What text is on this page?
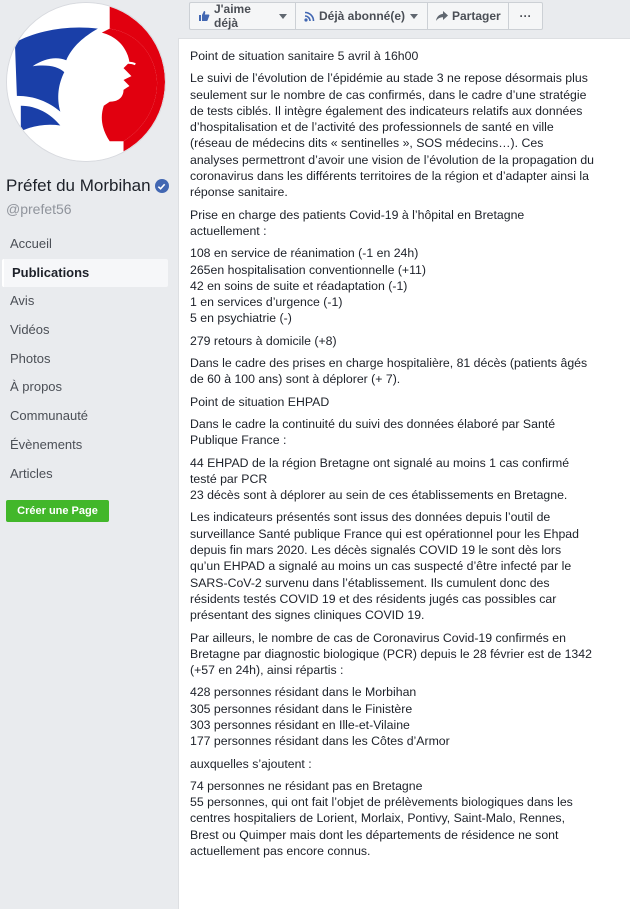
Préfet du Morbihan
@prefet56
Accueil
Publications
Avis
Vidéos
Photos
À propos
Communauté
Évènements
Articles
Créer une Page
J'aime déjà	Déjà abonné(e)	Partager ···

Point de situation sanitaire 5 avril à 16h00

Le suivi de l’évolution de l’épidémie au stade 3 ne repose désormais plus
seulement sur le nombre de cas confirmés, dans le cadre d’une stratégie
de tests ciblés. Il intègre également des indicateurs relatifs aux données
d’hospitalisation et de l’activité des professionnels de santé en ville
(réseau de médecins dits « sentinelles », SOS médecins…). Ces
analyses permettront d’avoir une vision de l’évolution de la propagation du
coronavirus dans les différents territoires de la région et d’adapter ainsi la
réponse sanitaire.

Prise en charge des patients Covid-19 à l’hôpital en Bretagne
actuellement :

108 en service de réanimation (-1 en 24h)
265en hospitalisation conventionnelle (+11)
42 en soins de suite et réadaptation (-1)
1 en services d’urgence (-1)
5 en psychiatrie (-)

279 retours à domicile (+8)

Dans le cadre des prises en charge hospitalière, 81 décès (patients âgés
de 60 à 100 ans) sont à déplorer (+ 7).

Point de situation EHPAD

Dans le cadre la continuité du suivi des données élaboré par Santé
Publique France :

44 EHPAD de la région Bretagne ont signalé au moins 1 cas confirmé
testé par PCR
23 décès sont à déplorer au sein de ces établissements en Bretagne.

Les indicateurs présentés sont issus des données depuis l’outil de
surveillance Santé publique France qui est opérationnel pour les Ehpad
depuis fin mars 2020. Les décès signalés COVID 19 le sont dès lors
qu’un EHPAD a signalé au moins un cas suspecté d’être infecté par le
SARS-CoV-2 survenu dans l’établissement. Ils cumulent donc des
résidents testés COVID 19 et des résidents jugés cas possibles car
présentant des signes cliniques COVID 19.

Par ailleurs, le nombre de cas de Coronavirus Covid-19 confirmés en
Bretagne par diagnostic biologique (PCR) depuis le 28 février est de 1342
(+57 en 24h), ainsi répartis :

428 personnes résidant dans le Morbihan
305 personnes résidant dans le Finistère
303 personnes résidant en Ille-et-Vilaine
177 personnes résidant dans les Côtes d’Armor

auxquelles s’ajoutent :

74 personnes ne résidant pas en Bretagne
55 personnes, qui ont fait l’objet de prélèvements biologiques dans les
centres hospitaliers de Lorient, Morlaix, Pontivy, Saint-Malo, Rennes,
Brest ou Quimper mais dont les départements de résidence ne sont
actuellement pas encore connus.
